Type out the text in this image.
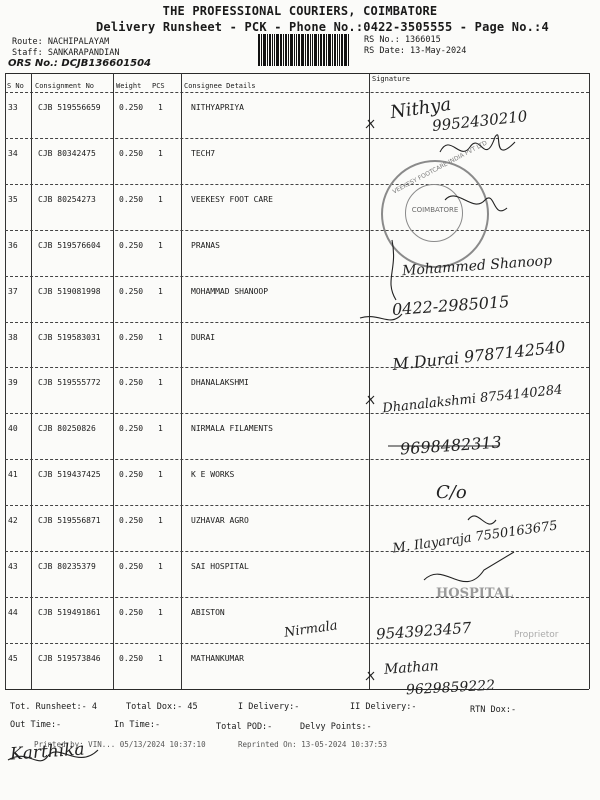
THE PROFESSIONAL COURIERS, COIMBATORE
Delivery Runsheet - PCK - Phone No.:0422-3505555 - Page No.:4
Route: NACHIPALAYAM
Staff: SANKARAPANDIAN
ORS No.: DCJB136601504
RS No.: 1366015
RS Date: 13-May-2024
S No Consignment No	Weight PCS	Consignee Details
Signature
33	CJB 519556659 0.250 1	NITHYAPRIYA
34	CJB 80342475	0.250 1	TECH7
35	CJB 80254273	0.250 1	VEEKESY FOOT CARE
36	CJB 519576604 0.250 1	PRANAS
37	CJB 519081998 0.250 1	MOHAMMAD SHANOOP
38	CJB 519583031 0.250 1	DURAI
39	CJB 519555772 0.250 1	DHANALAKSHMI
40	CJB 80250826	0.250 1	NIRMALA FILAMENTS
41	CJB 519437425 0.250 1	K E WORKS
42	CJB 519556871 0.250 1	UZHAVAR AGRO
43	CJB 80235379	0.250 1	SAI HOSPITAL
44	CJB 519491861 0.250 1	ABISTON
45	CJB 519573846 0.250 1	MATHANKUMAR
VEEKESY FOOTCARE INDIA PVT LTD
COIMBATORE
HOSPITAL
Proprietor
Nithya
9952430210
Mohammed Shanoop
0422-2985015
M.Durai 9787142540
Dhanalakshmi 8754140284
9698482313
C/o
M. Ilayaraja 7550163675
Nirmala 9543923457
Mathan
9629859222
Tot. Runsheet:- 4	Total Dox:- 45	I Delivery:-	II Delivery:-	RTN Dox:-
Out Time:-	In Time:-	Total POD:-	Delvy Points:-
Printed by: VIN... 05/13/2024 10:37:10	Reprinted On: 13-05-2024 10:37:53
Karthika
